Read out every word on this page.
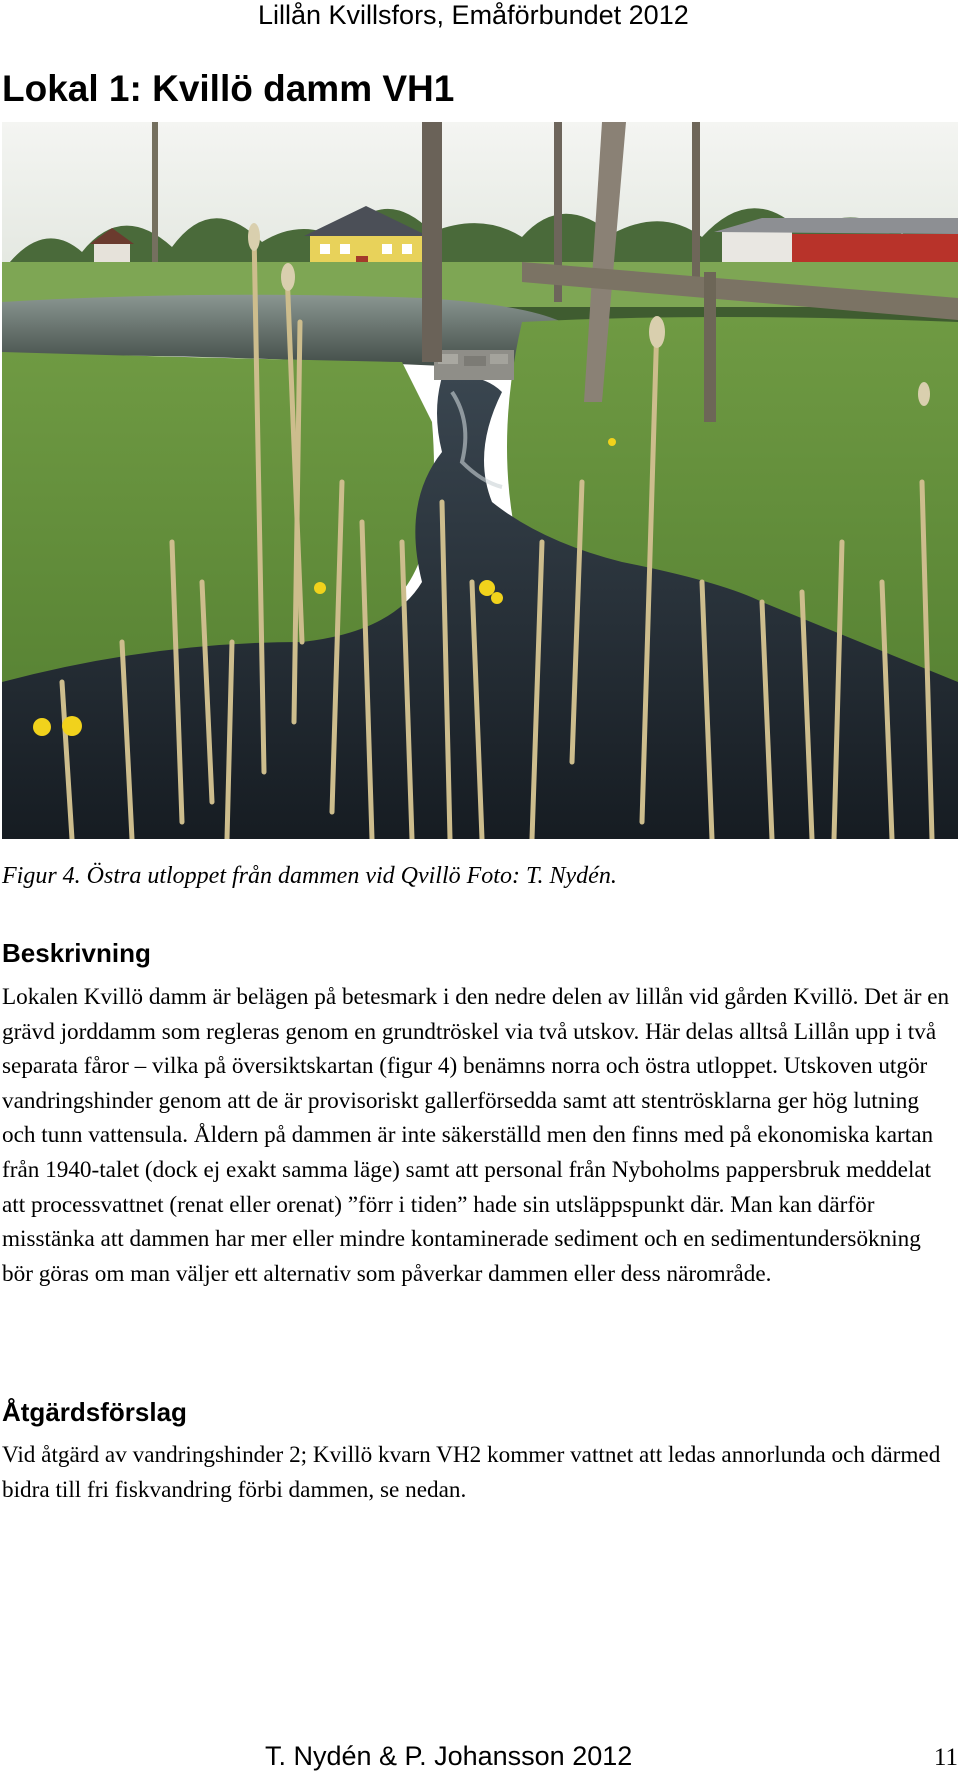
Lillån Kvillsfors, Emåförbundet 2012
Lokal 1: Kvillö damm VH1
Figur 4. Östra utloppet från dammen vid Qvillö Foto: T. Nydén.
Beskrivning

Lokalen Kvillö damm är belägen på betesmark i den nedre delen av lillån vid gården Kvillö. Det är en grävd jorddamm som regleras genom en grundtröskel via två utskov. Här delas alltså Lillån upp i två separata fåror – vilka på översiktskartan (figur 4) benämns norra och östra utloppet. Utskoven utgör vandringshinder genom att de är provisoriskt gallerförsedda samt att stentrösklarna ger hög lutning och tunn vattensula. Åldern på dammen är inte säkerställd men den finns med på ekonomiska kartan från 1940-talet (dock ej exakt samma läge) samt att personal från Nyboholms pappersbruk meddelat att processvattnet (renat eller orenat) ”förr i tiden” hade sin utsläppspunkt där. Man kan därför misstänka att dammen har mer eller mindre kontaminerade sediment och en sedimentundersökning bör göras om man väljer ett alternativ som påverkar dammen eller dess närområde.

Åtgärdsförslag

Vid åtgärd av vandringshinder 2; Kvillö kvarn VH2 kommer vattnet att ledas annorlunda och därmed bidra till fri fiskvandring förbi dammen, se nedan.

T. Nydén & P. Johansson 2012	11
